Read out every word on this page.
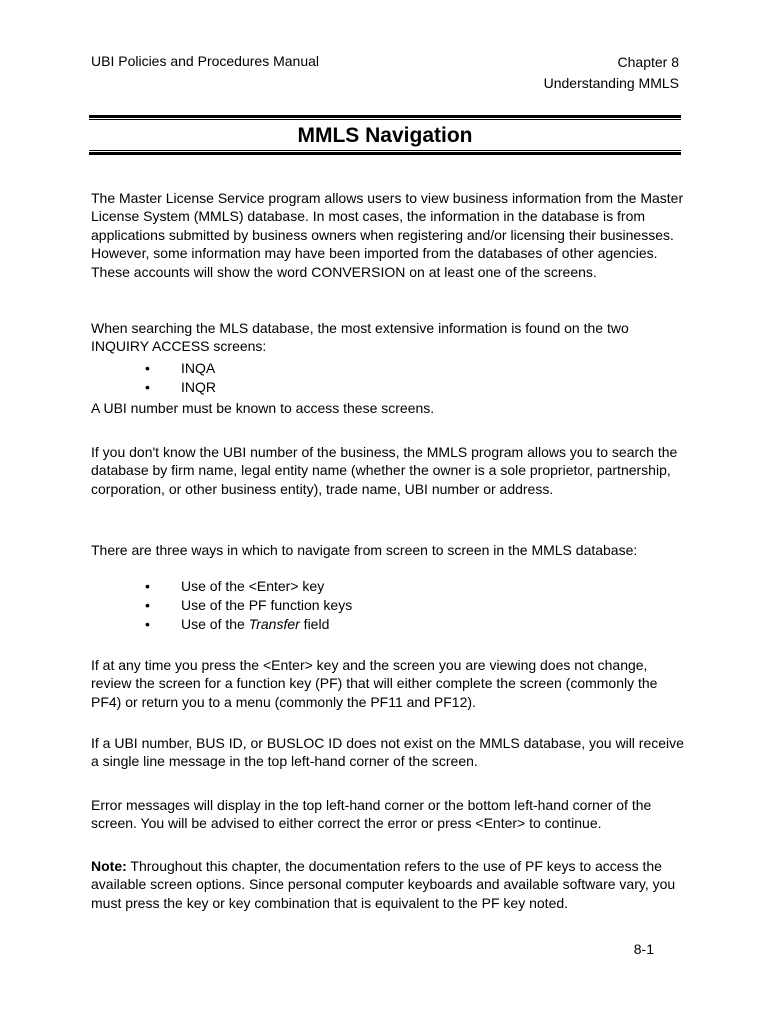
UBI Policies and Procedures Manual	Chapter 8
Understanding MMLS
MMLS Navigation

The Master License Service program allows users to view business information from the Master License System (MMLS) database. In most cases, the information in the database is from applications submitted by business owners when registering and/or licensing their businesses. However, some information may have been imported from the databases of other agencies. These accounts will show the word CONVERSION on at least one of the screens.

When searching the MLS database, the most extensive information is found on the two INQUIRY ACCESS screens:

• INQA
• INQR

A UBI number must be known to access these screens.

If you don't know the UBI number of the business, the MMLS program allows you to search the database by firm name, legal entity name (whether the owner is a sole proprietor, partnership, corporation, or other business entity), trade name, UBI number or address.

There are three ways in which to navigate from screen to screen in the MMLS database:

• Use of the <Enter> key
• Use of the PF function keys
• Use of the Transfer field

If at any time you press the <Enter> key and the screen you are viewing does not change, review the screen for a function key (PF) that will either complete the screen (commonly the PF4) or return you to a menu (commonly the PF11 and PF12).

If a UBI number, BUS ID, or BUSLOC ID does not exist on the MMLS database, you will receive a single line message in the top left-hand corner of the screen.

Error messages will display in the top left-hand corner or the bottom left-hand corner of the screen. You will be advised to either correct the error or press <Enter> to continue.

Note: Throughout this chapter, the documentation refers to the use of PF keys to access the available screen options. Since personal computer keyboards and available software vary, you must press the key or key combination that is equivalent to the PF key noted.

8-1
